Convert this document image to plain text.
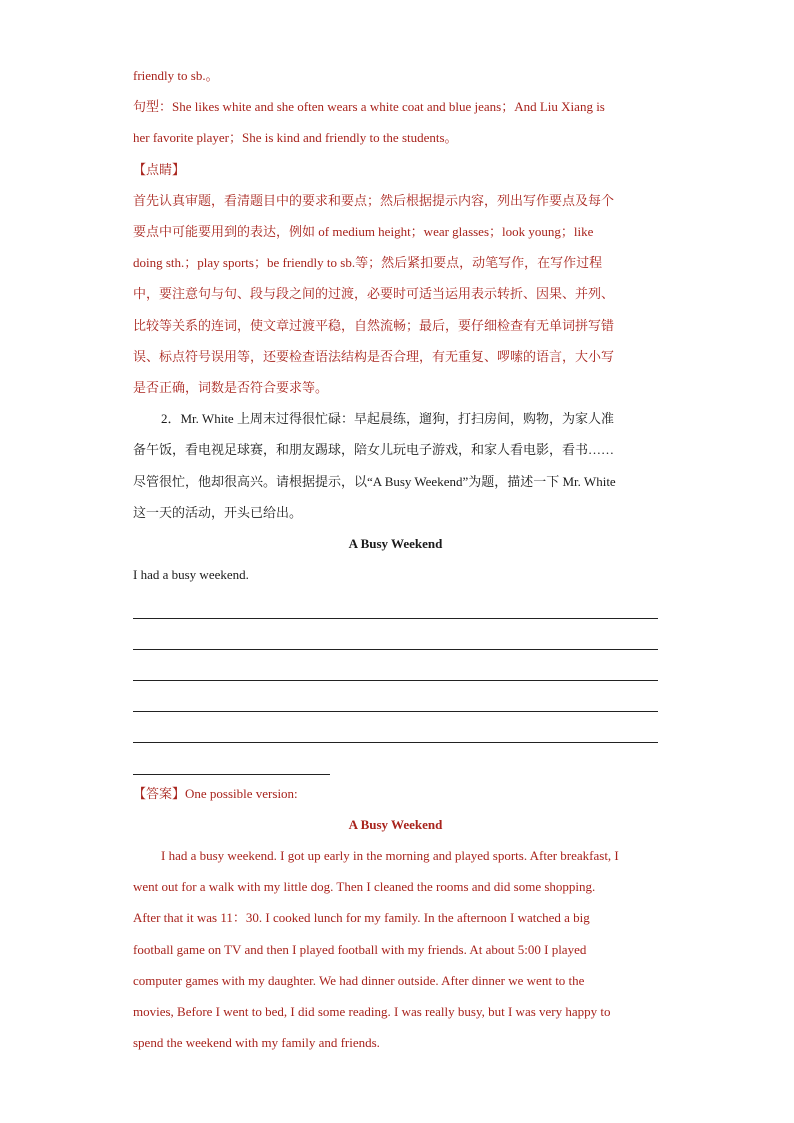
friendly to sb.。
句型：She likes white and she often wears a white coat and blue jeans；And Liu Xiang is
her favorite player；She is kind and friendly to the students。
【点睛】
首先认真审题，看清题目中的要求和要点；然后根据提示内容，列出写作要点及每个
要点中可能要用到的表达，例如 of medium height；wear glasses；look young；like
doing sth.；play sports；be friendly to sb.等；然后紧扣要点，动笔写作，在写作过程
中，要注意句与句、段与段之间的过渡，必要时可适当运用表示转折、因果、并列、
比较等关系的连词，使文章过渡平稳，自然流畅；最后，要仔细检查有无单词拼写错
误、标点符号误用等，还要检查语法结构是否合理，有无重复、啰嗦的语言，大小写
是否正确，词数是否符合要求等。
2．Mr. White 上周末过得很忙碌：早起晨练，遛狗，打扫房间，购物，为家人准
备午饭，看电视足球赛，和朋友踢球，陪女儿玩电子游戏，和家人看电影，看书……
尽管很忙，他却很高兴。请根据提示，以“A Busy Weekend”为题，描述一下 Mr. White
这一天的活动，开头已给出。
A Busy Weekend
I had a busy weekend.
【答案】One possible version:
A Busy Weekend
I had a busy weekend. I got up early in the morning and played sports. After breakfast, I
went out for a walk with my little dog. Then I cleaned the rooms and did some shopping.
After that it was 11：30. I cooked lunch for my family. In the afternoon I watched a big
football game on TV and then I played football with my friends. At about 5:00 I played
computer games with my daughter. We had dinner outside. After dinner we went to the
movies, Before I went to bed, I did some reading. I was really busy, but I was very happy to
spend the weekend with my family and friends.
